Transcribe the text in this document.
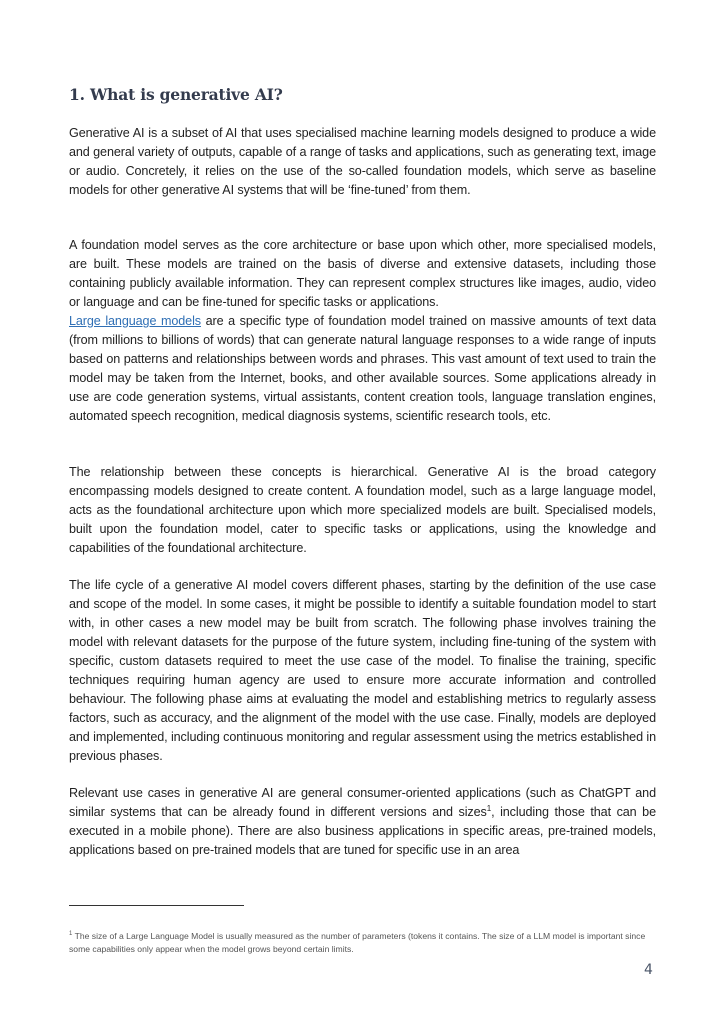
1. What is generative AI?

Generative AI is a subset of AI that uses specialised machine learning models designed to produce a wide and general variety of outputs, capable of a range of tasks and applications, such as generating text, image or audio. Concretely, it relies on the use of the so-called foundation models, which serve as baseline models for other generative AI systems that will be ‘fine-tuned’ from them.

A foundation model serves as the core architecture or base upon which other, more specialised models, are built. These models are trained on the basis of diverse and extensive datasets, including those containing publicly available information. They can represent complex structures like images, audio, video or language and can be fine-tuned for specific tasks or applications.

Large language models are a specific type of foundation model trained on massive amounts of text data (from millions to billions of words) that can generate natural language responses to a wide range of inputs based on patterns and relationships between words and phrases. This vast amount of text used to train the model may be taken from the Internet, books, and other available sources. Some applications already in use are code generation systems, virtual assistants, content creation tools, language translation engines, automated speech recognition, medical diagnosis systems, scientific research tools, etc.

The relationship between these concepts is hierarchical. Generative AI is the broad category encompassing models designed to create content. A foundation model, such as a large language model, acts as the foundational architecture upon which more specialized models are built. Specialised models, built upon the foundation model, cater to specific tasks or applications, using the knowledge and capabilities of the foundational architecture.

The life cycle of a generative AI model covers different phases, starting by the definition of the use case and scope of the model. In some cases, it might be possible to identify a suitable foundation model to start with, in other cases a new model may be built from scratch. The following phase involves training the model with relevant datasets for the purpose of the future system, including fine-tuning of the system with specific, custom datasets required to meet the use case of the model. To finalise the training, specific techniques requiring human agency are used to ensure more accurate information and controlled behaviour. The following phase aims at evaluating the model and establishing metrics to regularly assess factors, such as accuracy, and the alignment of the model with the use case. Finally, models are deployed and implemented, including continuous monitoring and regular assessment using the metrics established in previous phases.

Relevant use cases in generative AI are general consumer-oriented applications (such as ChatGPT and similar systems that can be already found in different versions and sizes$^1$, including those that can be executed in a mobile phone). There are also business applications in specific areas, pre-trained models, applications based on pre-trained models that are tuned for specific use in an area

$^1$ The size of a Large Language Model is usually measured as the number of parameters (tokens it contains. The size of a LLM model is important since some capabilities only appear when the model grows beyond certain limits.

4
